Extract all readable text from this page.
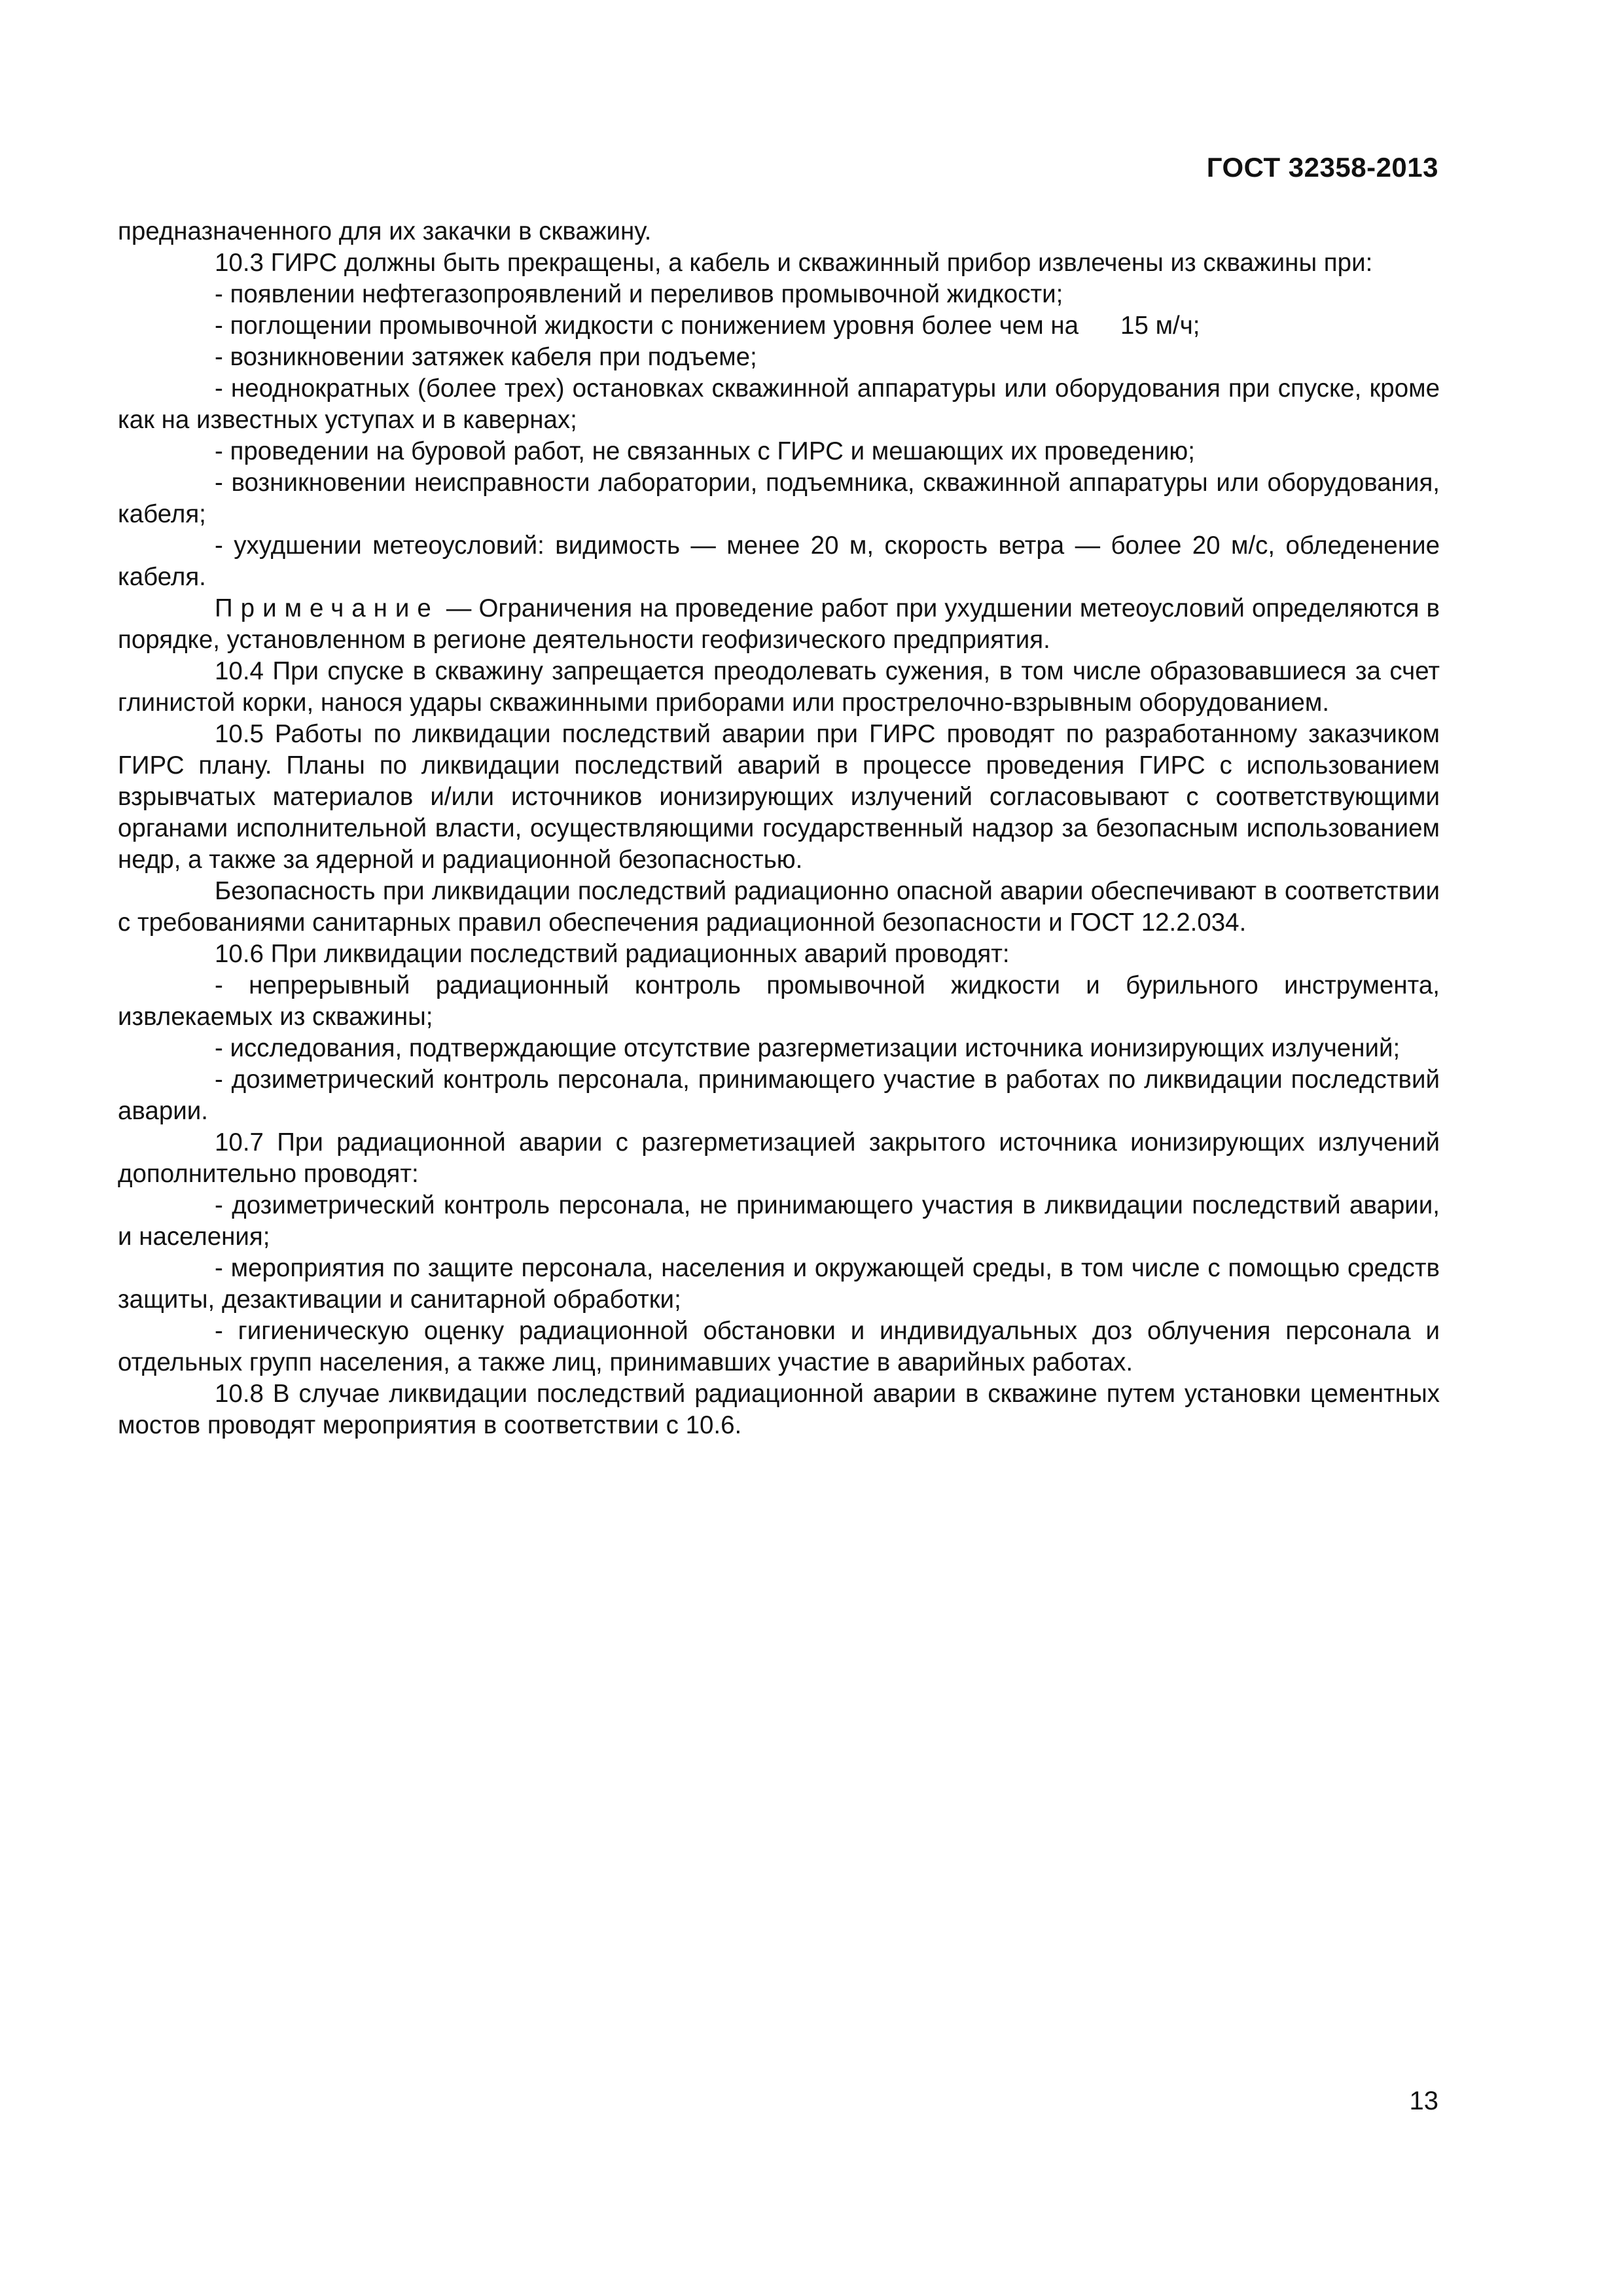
ГОСТ 32358-2013

предназначенного для их закачки в скважину.

10.3 ГИРС должны быть прекращены, а кабель и скважинный прибор извлечены из скважины при:

- появлении нефтегазопроявлений и переливов промывочной жидкости;

- поглощении промывочной жидкости с понижением уровня более чем на 15 м/ч;

- возникновении затяжек кабеля при подъеме;

- неоднократных (более трех) остановках скважинной аппаратуры или оборудования при спуске, кроме как на известных уступах и в кавернах;

- проведении на буровой работ, не связанных с ГИРС и мешающих их проведению;

- возникновении неисправности лаборатории, подъемника, скважинной аппаратуры или оборудования, кабеля;

- ухудшении метеоусловий: видимость — менее 20 м, скорость ветра — более 20 м/с, обледенение кабеля.

Примечание — Ограничения на проведение работ при ухудшении метеоусловий определяются в порядке, установленном в регионе деятельности геофизического предприятия.

10.4 При спуске в скважину запрещается преодолевать сужения, в том числе образовавшиеся за счет глинистой корки, нанося удары скважинными приборами или прострелочно-взрывным оборудованием.

10.5 Работы по ликвидации последствий аварии при ГИРС проводят по разработанному заказчиком ГИРС плану. Планы по ликвидации последствий аварий в процессе проведения ГИРС с использованием взрывчатых материалов и/или источников ионизирующих излучений согласовывают с соответствующими органами исполнительной власти, осуществляющими государственный надзор за безопасным использованием недр, а также за ядерной и радиационной безопасностью.

Безопасность при ликвидации последствий радиационно опасной аварии обеспечивают в соответствии с требованиями санитарных правил обеспечения радиационной безопасности и ГОСТ 12.2.034.

10.6 При ликвидации последствий радиационных аварий проводят:

- непрерывный радиационный контроль промывочной жидкости и бурильного инструмента, извлекаемых из скважины;

- исследования, подтверждающие отсутствие разгерметизации источника ионизирующих излучений;

- дозиметрический контроль персонала, принимающего участие в работах по ликвидации последствий аварии.

10.7 При радиационной аварии с разгерметизацией закрытого источника ионизирующих излучений дополнительно проводят:

- дозиметрический контроль персонала, не принимающего участия в ликвидации последствий аварии, и населения;

- мероприятия по защите персонала, населения и окружающей среды, в том числе с помощью средств защиты, дезактивации и санитарной обработки;

- гигиеническую оценку радиационной обстановки и индивидуальных доз облучения персонала и отдельных групп населения, а также лиц, принимавших участие в аварийных работах.

10.8 В случае ликвидации последствий радиационной аварии в скважине путем установки цементных мостов проводят мероприятия в соответствии с 10.6.

13
